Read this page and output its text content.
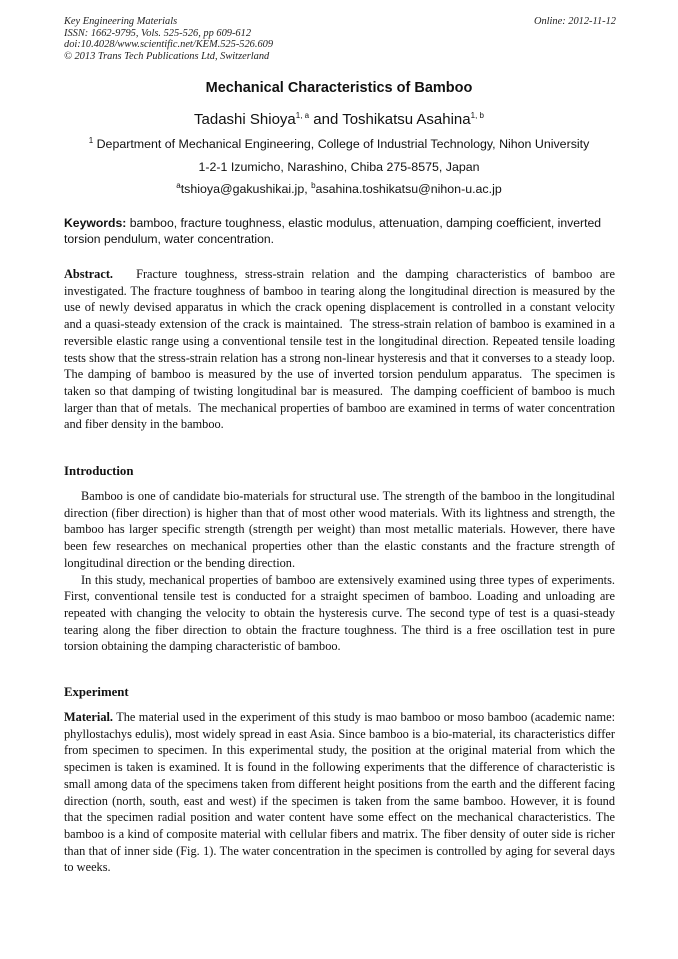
Key Engineering Materials
ISSN: 1662-9795, Vols. 525-526, pp 609-612
doi:10.4028/www.scientific.net/KEM.525-526.609
© 2013 Trans Tech Publications Ltd, Switzerland
Online: 2012-11-12
Mechanical Characteristics of Bamboo
Tadashi Shioya$^{1, a}$ and Toshikatsu Asahina$^{1, b}$
$^1$ Department of Mechanical Engineering, College of Industrial Technology, Nihon University
1-2-1 Izumicho, Narashino, Chiba 275-8575, Japan
$^a$tshioya@gakushikai.jp, $^b$asahina.toshikatsu@nihon-u.ac.jp
Keywords: bamboo, fracture toughness, elastic modulus, attenuation, damping coefficient, inverted torsion pendulum, water concentration.
Abstract.   Fracture toughness, stress-strain relation and the damping characteristics of bamboo are investigated. The fracture toughness of bamboo in tearing along the longitudinal direction is measured by the use of newly devised apparatus in which the crack opening displacement is controlled in a constant velocity and a quasi-steady extension of the crack is maintained.  The stress-strain relation of bamboo is examined in a reversible elastic range using a conventional tensile test in the longitudinal direction. Repeated tensile loading tests show that the stress-strain relation has a strong non-linear hysteresis and that it converses to a steady loop.  The damping of bamboo is measured by the use of inverted torsion pendulum apparatus.  The specimen is taken so that damping of twisting longitudinal bar is measured.  The damping coefficient of bamboo is much larger than that of metals.  The mechanical properties of bamboo are examined in terms of water concentration and fiber density in the bamboo.
Introduction

Bamboo is one of candidate bio-materials for structural use. The strength of the bamboo in the longitudinal direction (fiber direction) is higher than that of most other wood materials. With its lightness and strength, the bamboo has larger specific strength (strength per weight) than most metallic materials. However, there have been few researches on mechanical properties other than the elastic constants and the fracture strength of longitudinal direction or the bending direction.

In this study, mechanical properties of bamboo are extensively examined using three types of experiments. First, conventional tensile test is conducted for a straight specimen of bamboo. Loading and unloading are repeated with changing the velocity to obtain the hysteresis curve. The second type of test is a quasi-steady tearing along the fiber direction to obtain the fracture toughness. The third is a free oscillation test in pure torsion obtaining the damping characteristic of bamboo.

Experiment
Material. The material used in the experiment of this study is mao bamboo or moso bamboo (academic name: phyllostachys edulis), most widely spread in east Asia. Since bamboo is a bio-material, its characteristics differ from specimen to specimen. In this experimental study, the position at the original material from which the specimen is taken is examined. It is found in the following experiments that the difference of characteristic is small among data of the specimens taken from different height positions from the earth and the different facing direction (north, south, east and west) if the specimen is taken from the same bamboo. However, it is found that the specimen radial position and water content have some effect on the mechanical characteristics. The bamboo is a kind of composite material with cellular fibers and matrix. The fiber density of outer side is richer than that of inner side (Fig. 1). The water concentration in the specimen is controlled by aging for several days to weeks.
